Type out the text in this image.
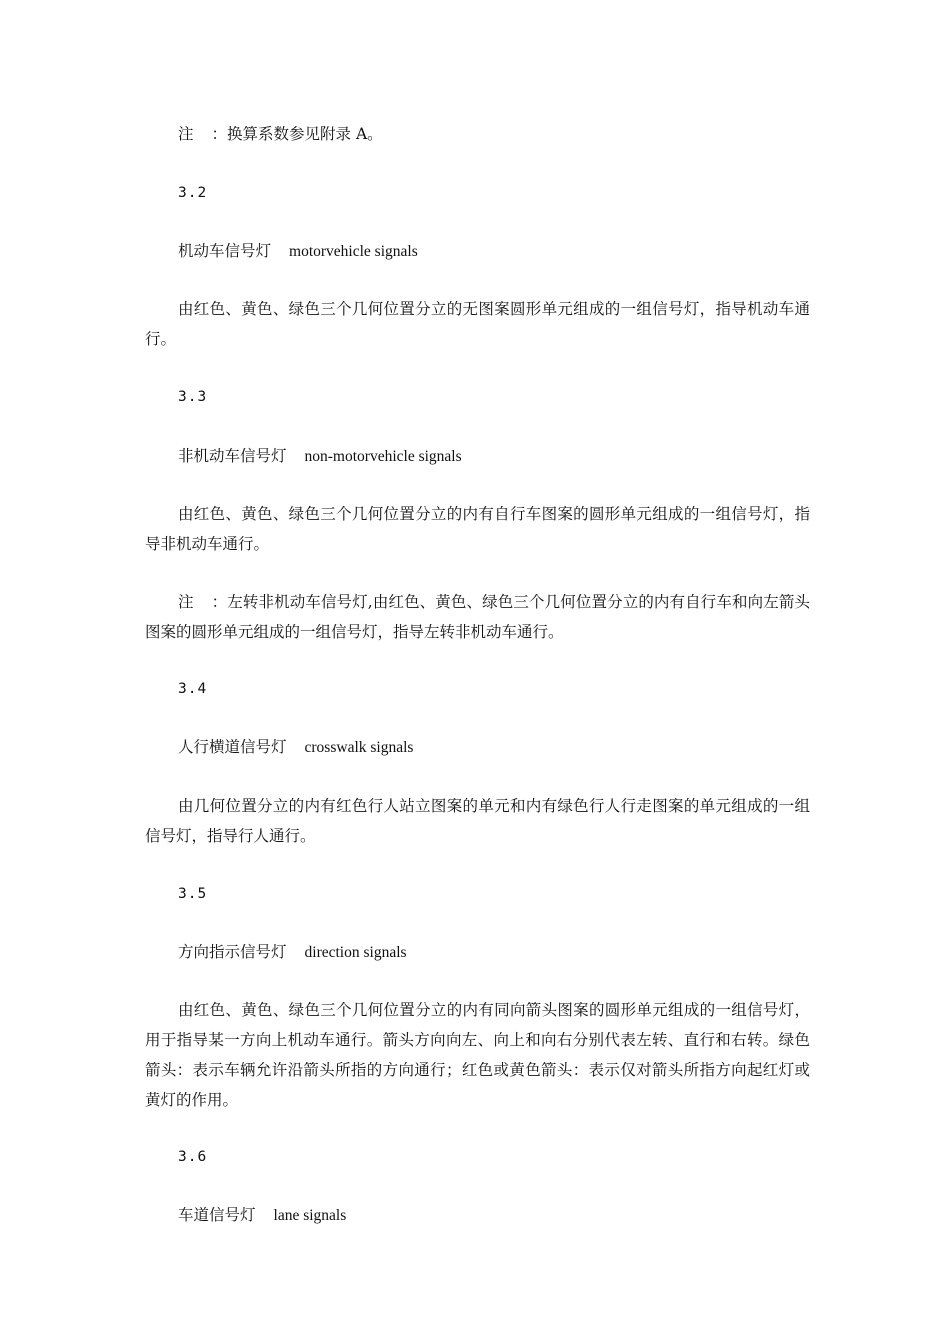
注 ：换算系数参见附录 A。
3.2
机动车信号灯 motorvehicle signals
由红色、黄色、绿色三个几何位置分立的无图案圆形单元组成的一组信号灯，指导机动车通行。
3.3
非机动车信号灯 non-motorvehicle signals
由红色、黄色、绿色三个几何位置分立的内有自行车图案的圆形单元组成的一组信号灯，指导非机动车通行。
注 ：左转非机动车信号灯,由红色、黄色、绿色三个几何位置分立的内有自行车和向左箭头图案的圆形单元组成的一组信号灯，指导左转非机动车通行。
3.4
人行横道信号灯 crosswalk signals
由几何位置分立的内有红色行人站立图案的单元和内有绿色行人行走图案的单元组成的一组信号灯，指导行人通行。
3.5
方向指示信号灯 direction signals
由红色、黄色、绿色三个几何位置分立的内有同向箭头图案的圆形单元组成的一组信号灯，用于指导某一方向上机动车通行。箭头方向向左、向上和向右分别代表左转、直行和右转。绿色箭头：表示车辆允许沿箭头所指的方向通行；红色或黄色箭头：表示仅对箭头所指方向起红灯或黄灯的作用。
3.6
车道信号灯 lane signals
